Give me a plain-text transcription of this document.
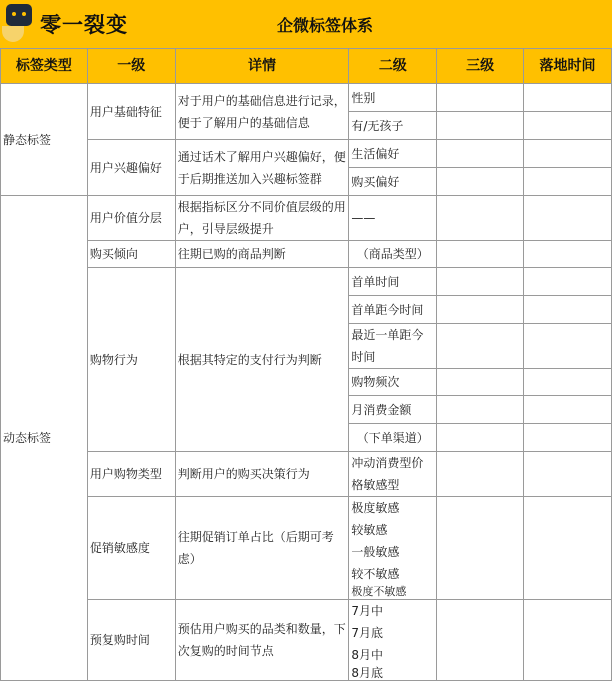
零一裂变	企微标签体系
标签类型	一级	详情	二级	三级	落地时间
静态标签	用户基础特征	对于用户的基础信息进行记录，便于了解用户的基础信息	性别		
			有/无孩子		
	用户兴趣偏好	通过话术了解用户兴趣偏好，便于后期推送加入兴趣标签群	生活偏好		
			购买偏好		
动态标签	用户价值分层	根据指标区分不同价值层级的用户，引导层级提升	——		
	购买倾向	往期已购的商品判断	（商品类型）		
	购物行为	根据其特定的支付行为判断	首单时间		
			首单距今时间		
			最近一单距今时间		
			购物频次		
			月消费金额		
			（下单渠道）		
	用户购物类型	判断用户的购买决策行为	冲动消费型价格敏感型		
	促销敏感度	往期促销订单占比（后期可考虑）	极度敏感		
			较敏感		
			一般敏感		
			较不敏感		
			极度不敏感		
	预复购时间	预估用户购买的品类和数量，下次复购的时间节点	7月中		
			7月底		
			8月中		
			8月底		
